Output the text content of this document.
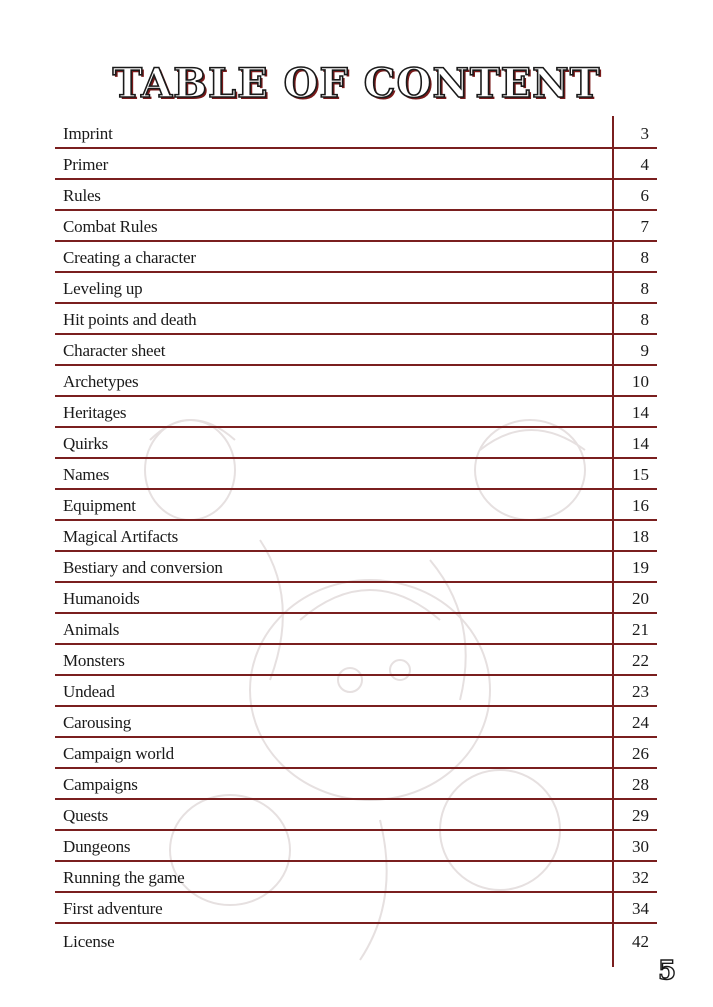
TABLE OF CONTENT
Imprint	3
Primer	4
Rules	6
Combat Rules	7
Creating a character	8
Leveling up	8
Hit points and death	8
Character sheet	9
Archetypes	10
Heritages	14
Quirks	14
Names	15
Equipment	16
Magical Artifacts	18
Bestiary and conversion	19
Humanoids	20
Animals	21
Monsters	22
Undead	23
Carousing	24
Campaign world	26
Campaigns	28
Quests	29
Dungeons	30
Running the game	32
First adventure	34
License	42
5
